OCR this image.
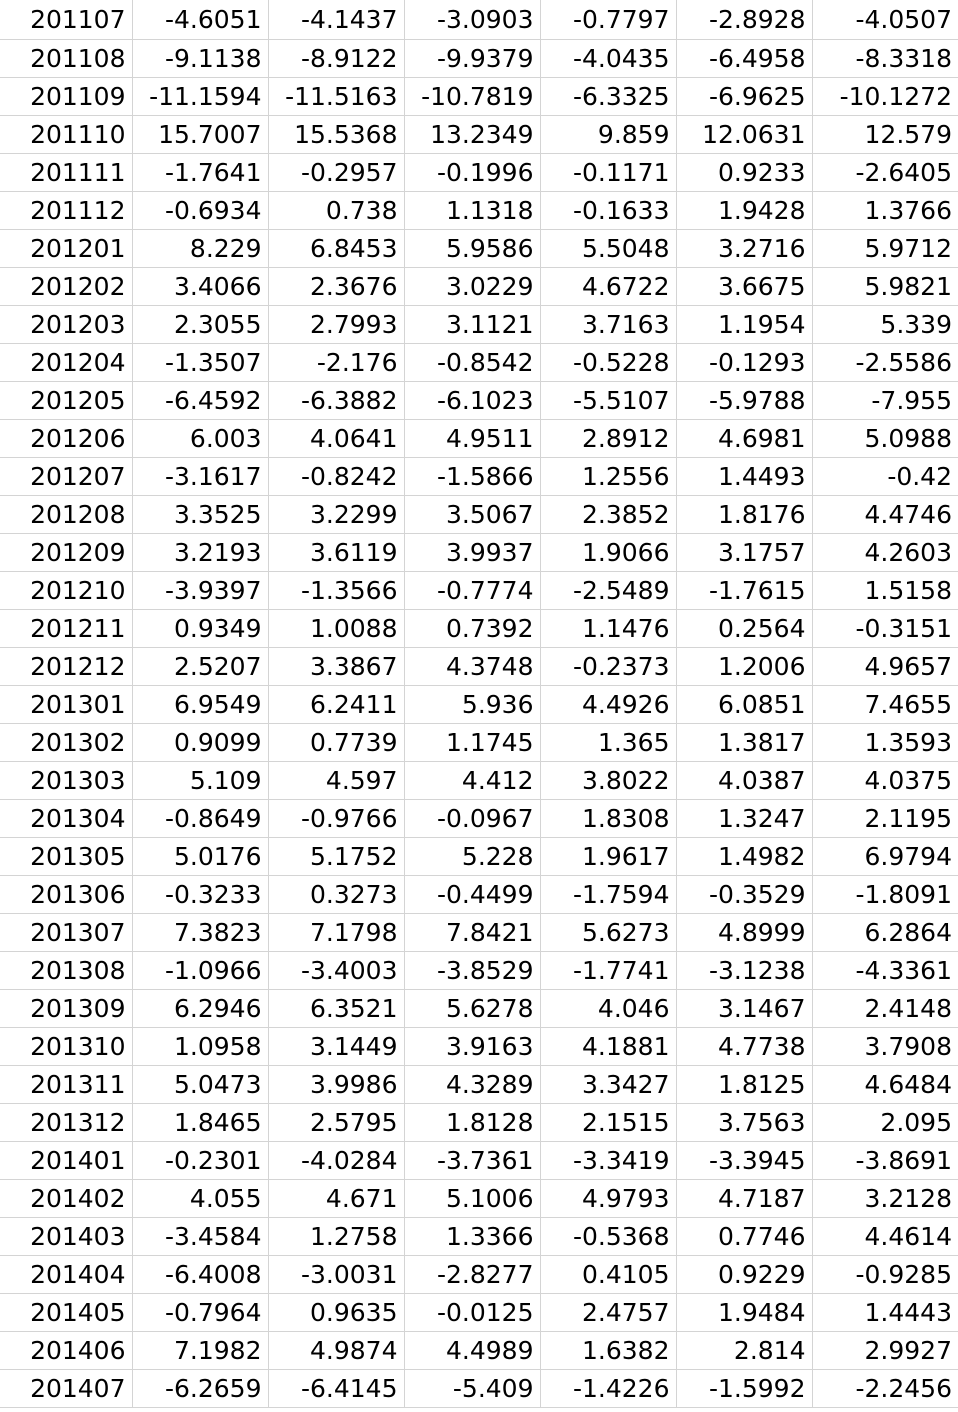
201107	-4.6051	-4.1437	-3.0903	-0.7797	-2.8928	-4.0507
201108	-9.1138	-8.9122	-9.9379	-4.0435	-6.4958	-8.3318
201109	-11.1594	-11.5163	-10.7819	-6.3325	-6.9625	-10.1272
201110	15.7007	15.5368	13.2349	9.859	12.0631	12.579
201111	-1.7641	-0.2957	-0.1996	-0.1171	0.9233	-2.6405
201112	-0.6934	0.738	1.1318	-0.1633	1.9428	1.3766
201201	8.229	6.8453	5.9586	5.5048	3.2716	5.9712
201202	3.4066	2.3676	3.0229	4.6722	3.6675	5.9821
201203	2.3055	2.7993	3.1121	3.7163	1.1954	5.339
201204	-1.3507	-2.176	-0.8542	-0.5228	-0.1293	-2.5586
201205	-6.4592	-6.3882	-6.1023	-5.5107	-5.9788	-7.955
201206	6.003	4.0641	4.9511	2.8912	4.6981	5.0988
201207	-3.1617	-0.8242	-1.5866	1.2556	1.4493	-0.42
201208	3.3525	3.2299	3.5067	2.3852	1.8176	4.4746
201209	3.2193	3.6119	3.9937	1.9066	3.1757	4.2603
201210	-3.9397	-1.3566	-0.7774	-2.5489	-1.7615	1.5158
201211	0.9349	1.0088	0.7392	1.1476	0.2564	-0.3151
201212	2.5207	3.3867	4.3748	-0.2373	1.2006	4.9657
201301	6.9549	6.2411	5.936	4.4926	6.0851	7.4655
201302	0.9099	0.7739	1.1745	1.365	1.3817	1.3593
201303	5.109	4.597	4.412	3.8022	4.0387	4.0375
201304	-0.8649	-0.9766	-0.0967	1.8308	1.3247	2.1195
201305	5.0176	5.1752	5.228	1.9617	1.4982	6.9794
201306	-0.3233	0.3273	-0.4499	-1.7594	-0.3529	-1.8091
201307	7.3823	7.1798	7.8421	5.6273	4.8999	6.2864
201308	-1.0966	-3.4003	-3.8529	-1.7741	-3.1238	-4.3361
201309	6.2946	6.3521	5.6278	4.046	3.1467	2.4148
201310	1.0958	3.1449	3.9163	4.1881	4.7738	3.7908
201311	5.0473	3.9986	4.3289	3.3427	1.8125	4.6484
201312	1.8465	2.5795	1.8128	2.1515	3.7563	2.095
201401	-0.2301	-4.0284	-3.7361	-3.3419	-3.3945	-3.8691
201402	4.055	4.671	5.1006	4.9793	4.7187	3.2128
201403	-3.4584	1.2758	1.3366	-0.5368	0.7746	4.4614
201404	-6.4008	-3.0031	-2.8277	0.4105	0.9229	-0.9285
201405	-0.7964	0.9635	-0.0125	2.4757	1.9484	1.4443
201406	7.1982	4.9874	4.4989	1.6382	2.814	2.9927
201407	-6.2659	-6.4145	-5.409	-1.4226	-1.5992	-2.2456
